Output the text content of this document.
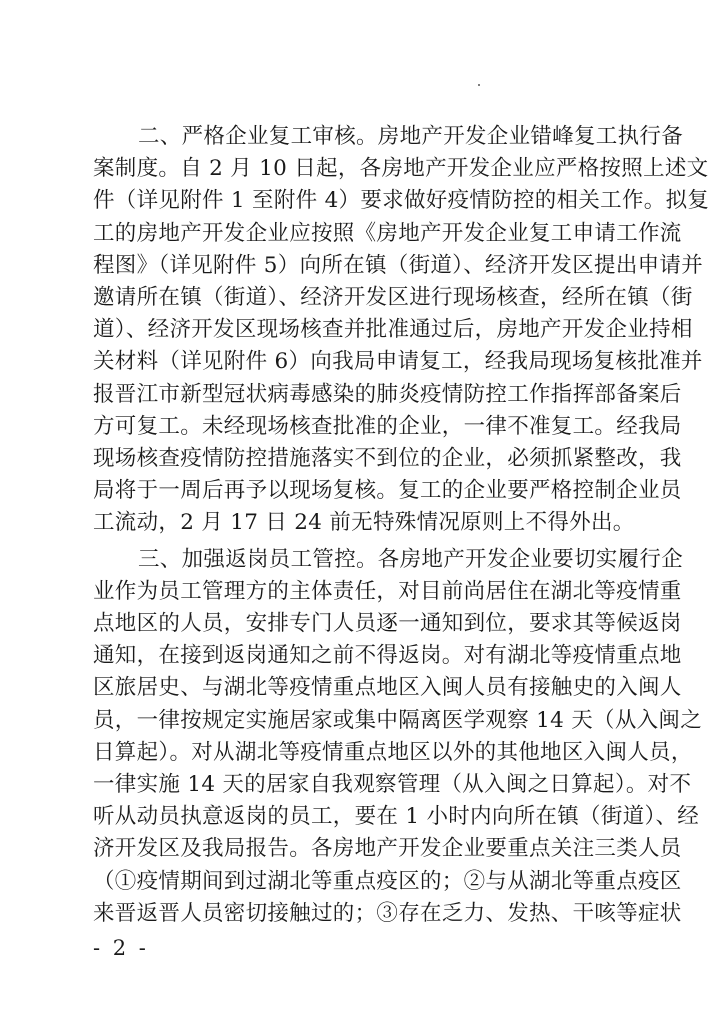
二、严格企业复工审核。房地产开发企业错峰复工执行备
案制度。自 2 月 10 日起，各房地产开发企业应严格按照上述文
件（详见附件 1 至附件 4）要求做好疫情防控的相关工作。拟复
工的房地产开发企业应按照《房地产开发企业复工申请工作流
程图》（详见附件 5）向所在镇（街道）、经济开发区提出申请并
邀请所在镇（街道）、经济开发区进行现场核查，经所在镇（街
道）、经济开发区现场核查并批准通过后，房地产开发企业持相
关材料（详见附件 6）向我局申请复工，经我局现场复核批准并
报晋江市新型冠状病毒感染的肺炎疫情防控工作指挥部备案后
方可复工。未经现场核查批准的企业，一律不准复工。经我局
现场核查疫情防控措施落实不到位的企业，必须抓紧整改，我
局将于一周后再予以现场复核。复工的企业要严格控制企业员
工流动，2 月 17 日 24 前无特殊情况原则上不得外出。
三、加强返岗员工管控。各房地产开发企业要切实履行企
业作为员工管理方的主体责任，对目前尚居住在湖北等疫情重
点地区的人员，安排专门人员逐一通知到位，要求其等候返岗
通知，在接到返岗通知之前不得返岗。对有湖北等疫情重点地
区旅居史、与湖北等疫情重点地区入闽人员有接触史的入闽人
员，一律按规定实施居家或集中隔离医学观察 14 天（从入闽之
日算起）。对从湖北等疫情重点地区以外的其他地区入闽人员，
一律实施 14 天的居家自我观察管理（从入闽之日算起）。对不
听从动员执意返岗的员工，要在 1 小时内向所在镇（街道）、经
济开发区及我局报告。各房地产开发企业要重点关注三类人员
（①疫情期间到过湖北等重点疫区的；②与从湖北等重点疫区
来晋返晋人员密切接触过的；③存在乏力、发热、干咳等症状
- 2 -
